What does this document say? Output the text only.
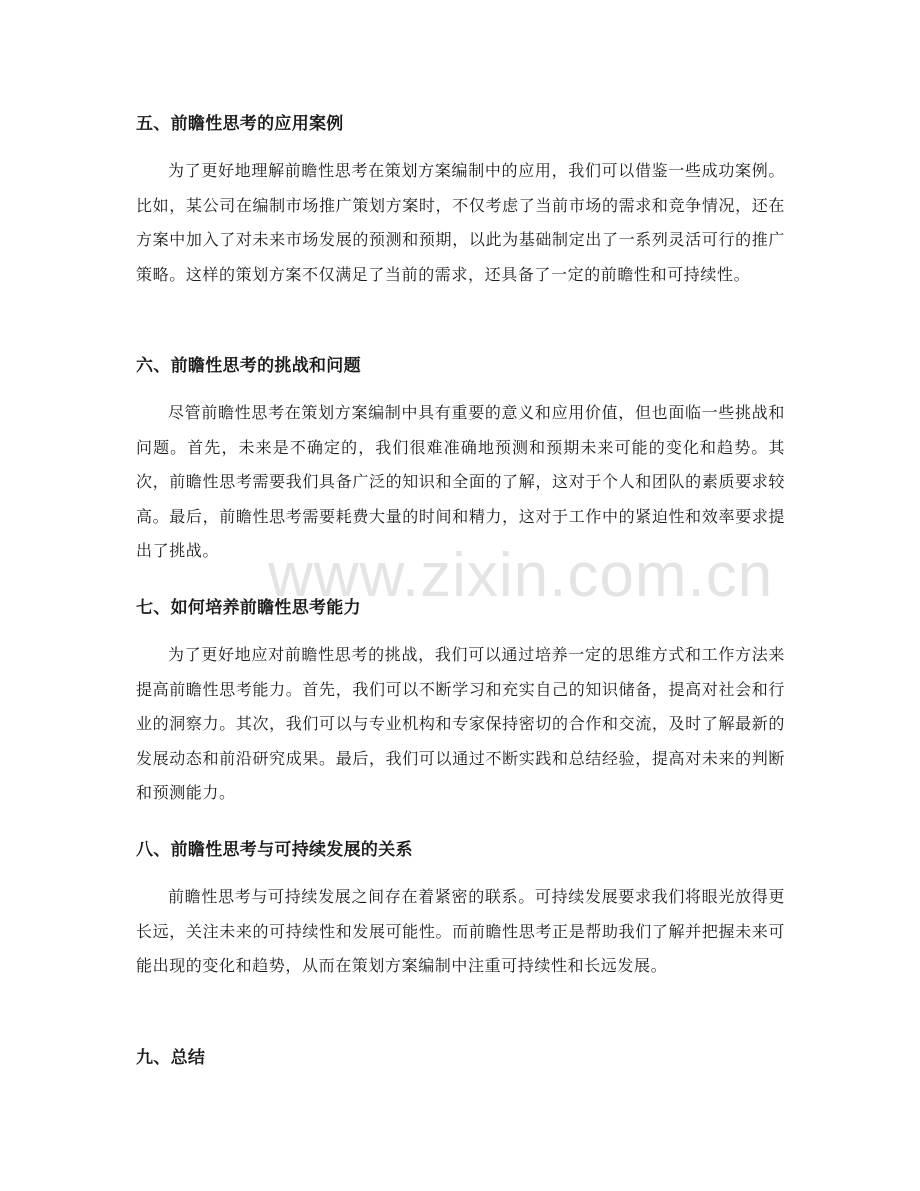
五、前瞻性思考的应用案例

为了更好地理解前瞻性思考在策划方案编制中的应用，我们可以借鉴一些成功案例。比如，某公司在编制市场推广策划方案时，不仅考虑了当前市场的需求和竞争情况，还在方案中加入了对未来市场发展的预测和预期，以此为基础制定出了一系列灵活可行的推广策略。这样的策划方案不仅满足了当前的需求，还具备了一定的前瞻性和可持续性。

六、前瞻性思考的挑战和问题

尽管前瞻性思考在策划方案编制中具有重要的意义和应用价值，但也面临一些挑战和问题。首先，未来是不确定的，我们很难准确地预测和预期未来可能的变化和趋势。其次，前瞻性思考需要我们具备广泛的知识和全面的了解，这对于个人和团队的素质要求较高。最后，前瞻性思考需要耗费大量的时间和精力，这对于工作中的紧迫性和效率要求提出了挑战。

七、如何培养前瞻性思考能力

为了更好地应对前瞻性思考的挑战，我们可以通过培养一定的思维方式和工作方法来提高前瞻性思考能力。首先，我们可以不断学习和充实自己的知识储备，提高对社会和行业的洞察力。其次，我们可以与专业机构和专家保持密切的合作和交流，及时了解最新的发展动态和前沿研究成果。最后，我们可以通过不断实践和总结经验，提高对未来的判断和预测能力。

八、前瞻性思考与可持续发展的关系

前瞻性思考与可持续发展之间存在着紧密的联系。可持续发展要求我们将眼光放得更长远，关注未来的可持续性和发展可能性。而前瞻性思考正是帮助我们了解并把握未来可能出现的变化和趋势，从而在策划方案编制中注重可持续性和长远发展。

九、总结
www.zixin.com.cn
